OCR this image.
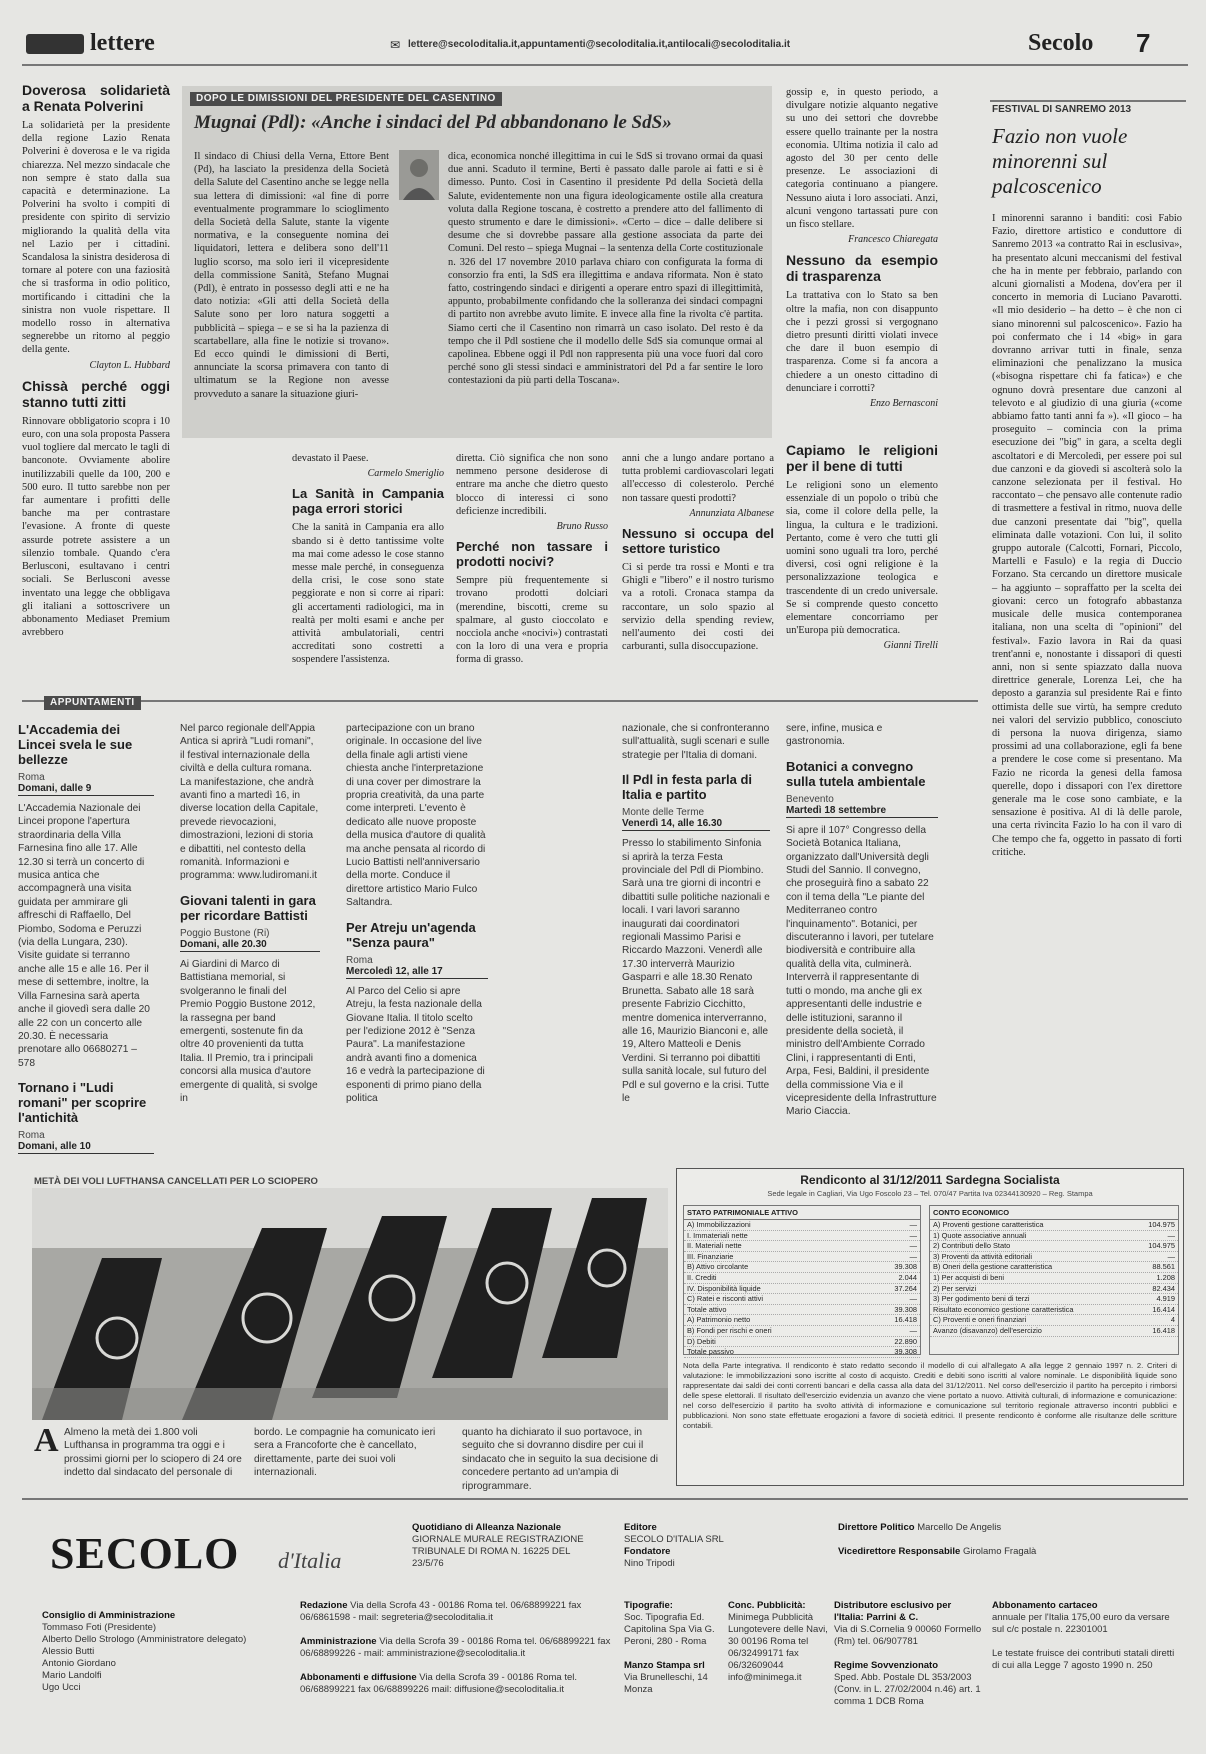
lettere	✉ lettere@secoloditalia.it,appuntamenti@secoloditalia.it,antilocali@secoloditalia.it	Secolo 7
Doverosa solidarietà a Renata Polverini
La solidarietà per la presidente della regione Lazio Renata Polverini è doverosa e le va rigida chiarezza. Nel mezzo sindacale che non sempre è stato dalla sua capacità e determinazione. La Polverini ha svolto i compiti di presidente con spirito di servizio migliorando la qualità della vita nel Lazio per i cittadini. Scandalosa la sinistra desiderosa di tornare al potere con una faziosità che si trasforma in odio politico, mortificando i cittadini che la sinistra non vuole rispettare. Il modello rosso in alternativa segnerebbe un ritorno al peggio della gente.
Clayton L. Hubbard
Chissà perché oggi stanno tutti zitti
Rinnovare obbligatorio scopra i 10 euro, con una sola proposta Passera vuol togliere dal mercato le tagli di banconote. Ovviamente abolire inutilizzabili quelle da 100, 200 e 500 euro. Il tutto sarebbe non per far aumentare i profitti delle banche ma per contrastare l'evasione. A fronte di queste assurde potrete assistere a un silenzio tombale. Quando c'era Berlusconi, esultavano i centri sociali. Se Berlusconi avesse inventato una legge che obbligava gli italiani a sottoscrivere un abbonamento Mediaset Premium avrebbero
DOPO LE DIMISSIONI DEL PRESIDENTE DEL CASENTINO
Mugnai (Pdl): «Anche i sindaci del Pd abbandonano le SdS»
Il sindaco di Chiusi della Verna, Ettore Bent (Pd), ha lasciato la presidenza della Società della Salute del Casentino anche se legge nella sua lettera di dimissioni: «al fine di porre eventualmente programmare lo scioglimento della Società della Salute, stante la vigente normativa, e la conseguente nomina dei liquidatori, lettera e delibera sono dell'11 luglio scorso, ma solo ieri il vicepresidente della commissione Sanità, Stefano Mugnai (Pdl), è entrato in possesso degli atti e ne ha dato notizia: «Gli atti della Società della Salute sono per loro natura soggetti a pubblicità – spiega – e se si ha la pazienza di scartabellare, alla fine le notizie si trovano». Ed ecco quindi le dimissioni di Berti, annunciate la scorsa primavera con tanto di ultimatum se la Regione non avesse provveduto a sanare la situazione giuri-
dica, economica nonché illegittima in cui le SdS si trovano ormai da quasi due anni. Scaduto il termine, Berti è passato dalle parole ai fatti e si è dimesso. Punto. Così in Casentino il presidente Pd della Società della Salute, evidentemente non una figura ideologicamente ostile alla creatura voluta dalla Regione toscana, è costretto a prendere atto del fallimento di questo strumento e dare le dimissioni». «Certo – dice – dalle delibere si desume che si dovrebbe passare alla gestione associata da parte dei Comuni. Del resto – spiega Mugnai – la sentenza della Corte costituzionale n. 326 del 17 novembre 2010 parlava chiaro con configurata la forma di consorzio fra enti, la SdS era illegittima e andava riformata. Non è stato fatto, costringendo sindaci e dirigenti a operare entro spazi di illegittimità, appunto, probabilmente confidando che la solleranza dei sindaci compagni di partito non avrebbe avuto limite. E invece alla fine la rivolta c'è partita. Siamo certi che il Casentino non rimarrà un caso isolato. Del resto è da tempo che il Pdl sostiene che il modello delle SdS sia comunque ormai al capolinea. Ebbene oggi il Pdl non rappresenta più una voce fuori dal coro perché sono gli stessi sindaci e amministratori del Pd a far sentire le loro contestazioni da più parti della Toscana».
gossip e, in questo periodo, a divulgare notizie alquanto negative su uno dei settori che dovrebbe essere quello trainante per la nostra economia. Ultima notizia il calo ad agosto del 30 per cento delle presenze. Le associazioni di categoria continuano a piangere. Nessuno aiuta i loro associati. Anzi, alcuni vengono tartassati pure con un fisco stellare.
Francesco Chiaregata
Nessuno da esempio di trasparenza
La trattativa con lo Stato sa ben oltre la mafia, non con disappunto che i pezzi grossi si vergognano dietro presunti diritti violati invece che dare il buon esempio di trasparenza. Come si fa ancora a chiedere a un onesto cittadino di denunciare i corrotti?
Enzo Bernasconi
FESTIVAL DI SANREMO 2013
Fazio non vuole minorenni sul palcoscenico
I minorenni saranno i banditi: così Fabio Fazio, direttore artistico e conduttore di Sanremo 2013 «a contratto Rai in esclusiva», ha presentato alcuni meccanismi del festival che ha in mente per febbraio, parlando con alcuni giornalisti a Modena, dov'era per il concerto in memoria di Luciano Pavarotti. «Il mio desiderio – ha detto – è che non ci siano minorenni sul palcoscenico». Fazio ha poi confermato che i 14 «big» in gara dovranno arrivar tutti in finale, senza eliminazioni che penalizzano la musica («bisogna rispettare chi fa fatica») e che ognuno dovrà presentare due canzoni al televoto e al giudizio di una giuria («come abbiamo fatto tanti anni fa »). «Il gioco – ha proseguito – comincia con la prima esecuzione dei "big" in gara, a scelta degli ascoltatori e di Mercoledì, per essere poi sul due canzoni e da giovedì si ascolterà solo la canzone selezionata per il festival. Ho raccontato – che pensavo alle contenute radio di trasmettere a festival in ritmo, nuova delle due canzoni presentate dai "big", quella eliminata dalle votazioni. Con lui, il solito gruppo autorale (Calcotti, Fornari, Piccolo, Martelli e Fasulo) e la regia di Duccio Forzano. Sta cercando un direttore musicale – ha aggiunto – sopraffatto per la scelta dei giovani: cerco un fotografo abbastanza musicale delle musica contemporanea italiana, non una scelta di "opinioni" del festival». Fazio lavora in Rai da quasi trent'anni e, nonostante i dissapori di questi anni, non si sente spiazzato dalla nuova direttrice generale, Lorenza Lei, che ha deposto a garanzia sul presidente Rai e finto ottimista delle sue virtù, ha sempre creduto nei valori del servizio pubblico, conosciuto di persona la nuova dirigenza, siamo prossimi ad una collaborazione, egli fa bene a prendere le cose come si presentano. Ma Fazio ne ricorda la genesi della famosa querelle, dopo i dissapori con l'ex direttore generale ma le cose sono cambiate, e la sensazione è positiva. Al di là delle parole, una certa rivincita Fazio lo ha con il varo di Che tempo che fa, oggetto in passato di forti critiche.
devastato il Paese.
Carmelo Smeriglio
La Sanità in Campania paga errori storici
Che la sanità in Campania era allo sbando si è detto tantissime volte ma mai come adesso le cose stanno messe male perché, in conseguenza della crisi, le cose sono state peggiorate e non si corre ai ripari: gli accertamenti radiologici, ma in realtà per molti esami e anche per attività ambulatoriali, centri accreditati sono costretti a sospendere l'assistenza.
diretta. Ciò significa che non sono nemmeno persone desiderose di entrare ma anche che dietro questo blocco di interessi ci sono deficienze incredibili.
Bruno Russo
Perché non tassare i prodotti nocivi?
Sempre più frequentemente si trovano prodotti dolciari (merendine, biscotti, creme su spalmare, al gusto cioccolato e nocciola anche «nocivi») contrastati con la loro di una vera e propria forma di grasso.
anni che a lungo andare portano a tutta problemi cardiovascolari legati all'eccesso di colesterolo. Perché non tassare questi prodotti?
Annunziata Albanese
Nessuno si occupa del settore turistico
Ci si perde tra rossi e Monti e tra Ghigli e "libero" e il nostro turismo va a rotoli. Cronaca stampa da raccontare, un solo spazio al servizio della spending review, nell'aumento dei costi dei carburanti, sulla disoccupazione.
Capiamo le religioni per il bene di tutti
Le religioni sono un elemento essenziale di un popolo o tribù che sia, come il colore della pelle, la lingua, la cultura e le tradizioni. Pertanto, come è vero che tutti gli uomini sono uguali tra loro, perché diversi, così ogni religione è la personalizzazione teologica e trascendente di un credo universale. Se si comprende questo concetto elementare concorriamo per un'Europa più democratica.
Gianni Tirelli
APPUNTAMENTI
L'Accademia dei Lincei svela le sue bellezze
Roma
Domani, dalle 9
L'Accademia Nazionale dei Lincei propone l'apertura straordinaria della Villa Farnesina fino alle 17. Alle 12.30 si terrà un concerto di musica antica che accompagnerà una visita guidata per ammirare gli affreschi di Raffaello, Del Piombo, Sodoma e Peruzzi (via della Lungara, 230). Visite guidate si terranno anche alle 15 e alle 16. Per il mese di settembre, inoltre, la Villa Farnesina sarà aperta anche il giovedì sera dalle 20 alle 22 con un concerto alle 20.30. È necessaria prenotare allo 06680271 – 578
Tornano i "Ludi romani" per scoprire l'antichità
Roma
Domani, alle 10
Nel parco regionale dell'Appia Antica si aprirà "Ludi romani", il festival internazionale della civiltà e della cultura romana. La manifestazione, che andrà avanti fino a martedì 16, in diverse location della Capitale, prevede rievocazioni, dimostrazioni, lezioni di storia e dibattiti, nel contesto della romanità. Informazioni e programma: www.ludiromani.it
Giovani talenti in gara per ricordare Battisti
Poggio Bustone (Ri)
Domani, alle 20.30
Ai Giardini di Marco di Battistiana memorial, si svolgeranno le finali del Premio Poggio Bustone 2012, la rassegna per band emergenti, sostenute fin da oltre 40 provenienti da tutta Italia. Il Premio, tra i principali concorsi alla musica d'autore emergente di qualità, si svolge in
partecipazione con un brano originale. In occasione del live della finale agli artisti viene chiesta anche l'interpretazione di una cover per dimostrare la propria creatività, da una parte come interpreti. L'evento è dedicato alle nuove proposte della musica d'autore di qualità ma anche pensata al ricordo di Lucio Battisti nell'anniversario della morte. Conduce il direttore artistico Mario Fulco Saltandra.
Per Atreju un'agenda "Senza paura"
Roma
Mercoledì 12, alle 17
Al Parco del Celio si apre Atreju, la festa nazionale della Giovane Italia. Il titolo scelto per l'edizione 2012 è "Senza Paura". La manifestazione andrà avanti fino a domenica 16 e vedrà la partecipazione di esponenti di primo piano della politica
nazionale, che si confronteranno sull'attualità, sugli scenari e sulle strategie per l'Italia di domani.
Il Pdl in festa parla di Italia e partito
Monte delle Terme
Venerdì 14, alle 16.30
Presso lo stabilimento Sinfonia si aprirà la terza Festa provinciale del Pdl di Piombino. Sarà una tre giorni di incontri e dibattiti sulle politiche nazionali e locali. I vari lavori saranno inaugurati dai coordinatori regionali Massimo Parisi e Riccardo Mazzoni. Venerdì alle 17.30 interverrà Maurizio Gasparri e alle 18.30 Renato Brunetta. Sabato alle 18 sarà presente Fabrizio Cicchitto, mentre domenica interverranno, alle 16, Maurizio Bianconi e, alle 19, Altero Matteoli e Denis Verdini. Si terranno poi dibattiti sulla sanità locale, sul futuro del Pdl e sul governo e la crisi. Tutte le
sere, infine, musica e gastronomia.
Botanici a convegno sulla tutela ambientale
Benevento
Martedì 18 settembre
Si apre il 107° Congresso della Società Botanica Italiana, organizzato dall'Università degli Studi del Sannio. Il convegno, che proseguirà fino a sabato 22 con il tema della "Le piante del Mediterraneo contro l'inquinamento". Botanici, per discuteranno i lavori, per tutelare biodiversità e contribuire alla qualità della vita, culminerà. Interverrà il rappresentante di tutti o mondo, ma anche gli ex appresentanti delle industrie e delle istituzioni, saranno il presidente della società, il ministro dell'Ambiente Corrado Clini, i rappresentanti di Enti, Arpa, Fesi, Baldini, il presidente della commissione Via e il vicepresidente della Infrastrutture Mario Ciaccia.
METÀ DEI VOLI LUFTHANSA CANCELLATI PER LO SCIOPERO
A Almeno la metà dei 1.800 voli Lufthansa in programma tra oggi e i prossimi giorni per lo sciopero di 24 ore indetto dal sindacato del personale di
bordo. Le compagnie ha comunicato ieri sera a Francoforte che è cancellato, direttamente, parte dei suoi voli internazionali.
quanto ha dichiarato il suo portavoce, in seguito che si dovranno disdire per cui il sindacato che in seguito la sua decisione di concedere pertanto ad un'ampia di riprogrammare.
Rendiconto al 31/12/2011 Sardegna Socialista
Sede legale in Cagliari, Via Ugo Foscolo 23 – Tel. 070/47 Partita Iva 02344130920 – Reg. Stampa
STATO PATRIMONIALE ATTIVO
A) Immobilizzazioni	—
I. Immateriali nette	—
II. Materiali nette	—
III. Finanziarie	—
B) Attivo circolante	39.308
II. Crediti	2.044
IV. Disponibilità liquide	37.264
C) Ratei e risconti attivi	—
Totale attivo	39.308
A) Patrimonio netto	16.418
B) Fondi per rischi e oneri	—
D) Debiti	22.890
Totale passivo	39.308
CONTO ECONOMICO
A) Proventi gestione caratteristica	104.975
1) Quote associative annuali	—
2) Contributi dello Stato	104.975
3) Proventi da attività editoriali	—
B) Oneri della gestione caratteristica	88.561
1) Per acquisti di beni	1.208
2) Per servizi	82.434
3) Per godimento beni di terzi	4.919
Risultato economico gestione caratteristica	16.414
C) Proventi e oneri finanziari	4
Avanzo (disavanzo) dell'esercizio	16.418
Nota della Parte integrativa. Il rendiconto è stato redatto secondo il modello di cui all'allegato A alla legge 2 gennaio 1997 n. 2. Criteri di valutazione: le immobilizzazioni sono iscritte al costo di acquisto. Crediti e debiti sono iscritti al valore nominale. Le disponibilità liquide sono rappresentate dai saldi dei conti correnti bancari e della cassa alla data del 31/12/2011. Nel corso dell'esercizio il partito ha percepito i rimborsi delle spese elettorali. Il risultato dell'esercizio evidenzia un avanzo che viene portato a nuovo. Attività culturali, di informazione e comunicazione: nel corso dell'esercizio il partito ha svolto attività di informazione e comunicazione sul territorio regionale attraverso incontri pubblici e pubblicazioni. Non sono state effettuate erogazioni a favore di società editrici. Il presente rendiconto è conforme alle risultanze delle scritture contabili.
SECOLO d'Italia
Quotidiano di Alleanza Nazionale
GIORNALE MURALE REGISTRAZIONE TRIBUNALE DI ROMA N. 16225 DEL 23/5/76
Editore
SECOLO D'ITALIA SRL
Fondatore
Nino Tripodi
Direttore Politico Marcello De Angelis

Vicedirettore Responsabile Girolamo Fragalà
Consiglio di Amministrazione
Tommaso Foti (Presidente)
Alberto Dello Strologo (Amministratore delegato)
Alessio Butti
Antonio Giordano
Mario Landolfi
Ugo Ucci
Redazione Via della Scrofa 43 - 00186 Roma tel. 06/68899221 fax 06/6861598 - mail: segreteria@secoloditalia.it

Amministrazione Via della Scrofa 39 - 00186 Roma tel. 06/68899221 fax 06/68899226 - mail: amministrazione@secoloditalia.it

Abbonamenti e diffusione Via della Scrofa 39 - 00186 Roma tel. 06/68899221 fax 06/68899226 mail: diffusione@secoloditalia.it
Tipografie:
Soc. Tipografia Ed. Capitolina Spa Via G. Peroni, 280 - Roma

Manzo Stampa srl
Via Brunelleschi, 14 Monza
Conc. Pubblicità:
Minimega Pubblicità Lungotevere delle Navi, 30 00196 Roma tel 06/32499171 fax 06/32609044 info@minimega.it
Distributore esclusivo per l'Italia: Parrini & C.
Via di S.Cornelia 9 00060 Formello (Rm) tel. 06/907781

Regime Sovvenzionato
Sped. Abb. Postale DL 353/2003 (Conv. in L. 27/02/2004 n.46) art. 1 comma 1 DCB Roma
Abbonamento cartaceo
annuale per l'Italia 175,00 euro da versare sul c/c postale n. 22301001

Le testate fruisce dei contributi statali diretti di cui alla Legge 7 agosto 1990 n. 250
